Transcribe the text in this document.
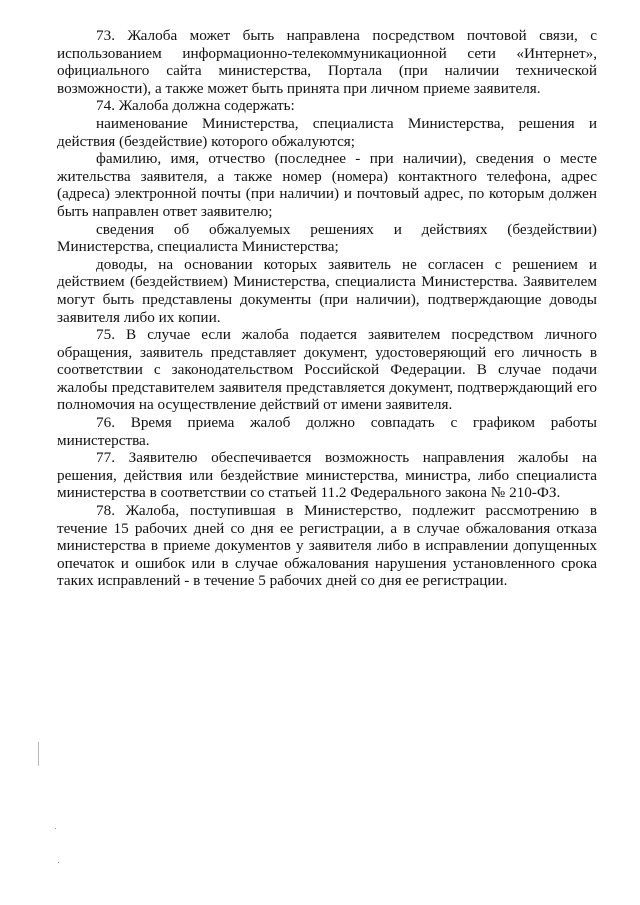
73. Жалоба может быть направлена посредством почтовой связи, с использованием информационно-телекоммуникационной сети «Интернет», официального сайта министерства, Портала (при наличии технической возможности), а также может быть принята при личном приеме заявителя.

74. Жалоба должна содержать:

наименование Министерства, специалиста Министерства, решения и действия (бездействие) которого обжалуются;

фамилию, имя, отчество (последнее - при наличии), сведения о месте жительства заявителя, а также номер (номера) контактного телефона, адрес (адреса) электронной почты (при наличии) и почтовый адрес, по которым должен быть направлен ответ заявителю;

сведения об обжалуемых решениях и действиях (бездействии) Министерства, специалиста Министерства;

доводы, на основании которых заявитель не согласен с решением и действием (бездействием) Министерства, специалиста Министерства. Заявителем могут быть представлены документы (при наличии), подтверждающие доводы заявителя либо их копии.

75. В случае если жалоба подается заявителем посредством личного обращения, заявитель представляет документ, удостоверяющий его личность в соответствии с законодательством Российской Федерации. В случае подачи жалобы представителем заявителя представляется документ, подтверждающий его полномочия на осуществление действий от имени заявителя.

76. Время приема жалоб должно совпадать с графиком работы министерства.

77. Заявителю обеспечивается возможность направления жалобы на решения, действия или бездействие министерства, министра, либо специалиста министерства в соответствии со статьей 11.2 Федерального закона № 210-ФЗ.

78. Жалоба, поступившая в Министерство, подлежит рассмотрению в течение 15 рабочих дней со дня ее регистрации, а в случае обжалования отказа министерства в приеме документов у заявителя либо в исправлении допущенных опечаток и ошибок или в случае обжалования нарушения установленного срока таких исправлений - в течение 5 рабочих дней со дня ее регистрации.
